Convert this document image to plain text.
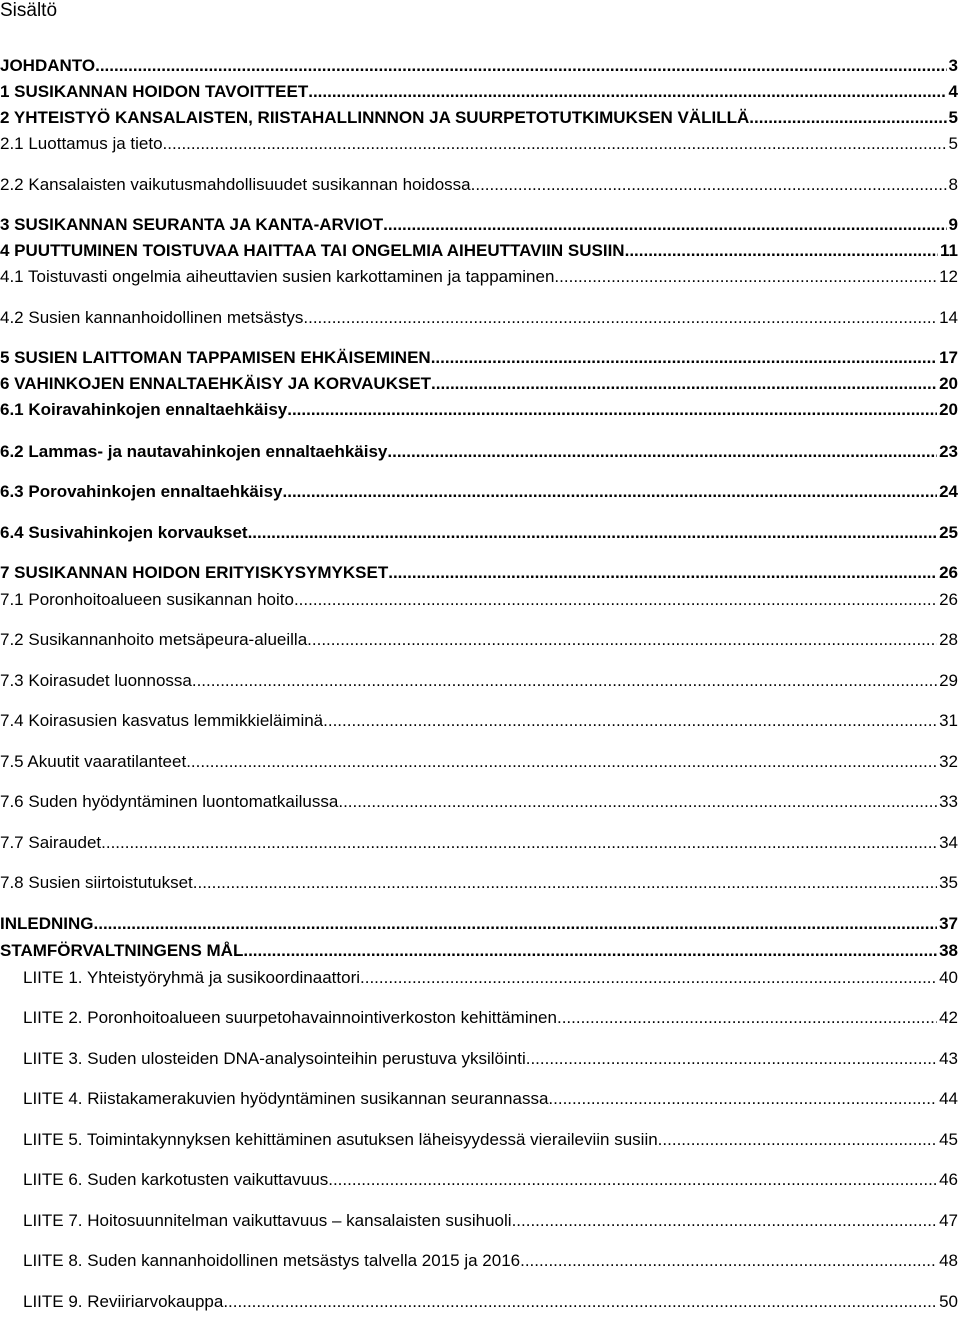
Sisältö
JOHDANTO .....	3
1 SUSIKANNAN HOIDON TAVOITTEET .....	4
2 YHTEISTYÖ KANSALAISTEN, RIISTAHALLINNNON JA SUURPETOTUTKIMUKSEN VÄLILLÄ .....	5
2.1 Luottamus ja tieto .....	5
2.2 Kansalaisten vaikutusmahdollisuudet susikannan hoidossa .....	8
3 SUSIKANNAN SEURANTA JA KANTA-ARVIOT .....	9
4 PUUTTUMINEN TOISTUVAA HAITTAA TAI ONGELMIA AIHEUTTAVIIN SUSIIN .....	11
4.1 Toistuvasti ongelmia aiheuttavien susien karkottaminen ja tappaminen .....	12
4.2 Susien kannanhoidollinen metsästys .....	14
5 SUSIEN LAITTOMAN TAPPAMISEN EHKÄISEMINEN .....	17
6 VAHINKOJEN ENNALTAEHKÄISY JA KORVAUKSET .....	20
6.1 Koiravahinkojen ennaltaehkäisy .....	20
6.2 Lammas- ja nautavahinkojen ennaltaehkäisy .....	23
6.3 Porovahinkojen ennaltaehkäisy .....	24
6.4 Susivahinkojen korvaukset .....	25
7 SUSIKANNAN HOIDON ERITYISKYSYMYKSET .....	26
7.1 Poronhoitoalueen susikannan hoito .....	26
7.2 Susikannanhoito metsäpeura-alueilla .....	28
7.3 Koirasudet luonnossa .....	29
7.4 Koirasusien kasvatus lemmikkieläiminä .....	31
7.5 Akuutit vaaratilanteet .....	32
7.6 Suden hyödyntäminen luontomatkailussa .....	33
7.7 Sairaudet .....	34
7.8 Susien siirtoistutukset .....	35
INLEDNING .....	37
STAMFÖRVALTNINGENS MÅL .....	38
LIITE 1. Yhteistyöryhmä ja susikoordinaattori .....	40
LIITE 2. Poronhoitoalueen suurpetohavainnointiverkoston kehittäminen .....	42
LIITE 3. Suden ulosteiden DNA-analysointeihin perustuva yksilöinti .....	43
LIITE 4. Riistakamerakuvien hyödyntäminen susikannan seurannassa .....	44
LIITE 5. Toimintakynnyksen kehittäminen asutuksen läheisyydessä vieraileviin susiin .....	45
LIITE 6. Suden karkotusten vaikuttavuus .....	46
LIITE 7. Hoitosuunnitelman vaikuttavuus – kansalaisten susihuoli .....	47
LIITE 8. Suden kannanhoidollinen metsästys talvella 2015 ja 2016 .....	48
LIITE 9. Reviiriarvokauppa .....	50
